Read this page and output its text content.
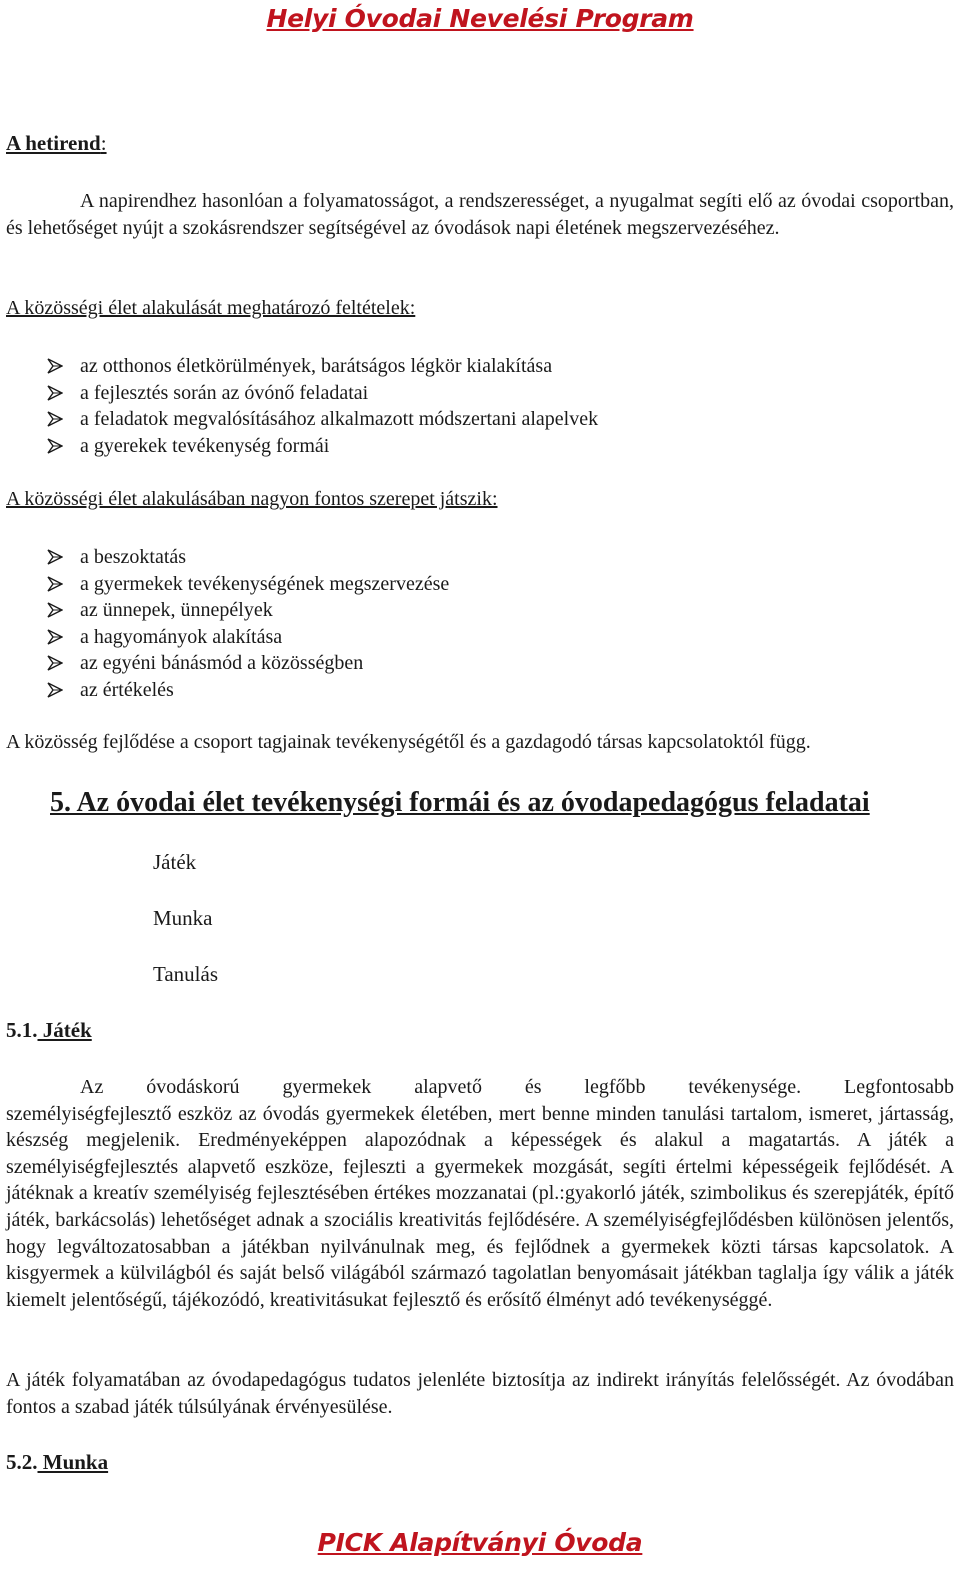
Helyi Óvodai Nevelési Program
A hetirend:
A napirendhez hasonlóan a folyamatosságot, a rendszerességet, a nyugalmat segíti elő az óvodai csoportban, és lehetőséget nyújt a szokásrendszer segítségével az óvodások napi életének megszervezéséhez.
A közösségi élet alakulását meghatározó feltételek:
az otthonos életkörülmények, barátságos légkör kialakítása
a fejlesztés során az óvónő feladatai
a feladatok megvalósításához alkalmazott módszertani alapelvek
a gyerekek tevékenység formái
A közösségi élet alakulásában nagyon fontos szerepet játszik:
a beszoktatás
a gyermekek tevékenységének megszervezése
az ünnepek, ünnepélyek
a hagyományok alakítása
az egyéni bánásmód a közösségben
az értékelés
A közösség fejlődése a csoport tagjainak tevékenységétől és a gazdagodó társas kapcsolatoktól függ.
5. Az óvodai élet tevékenységi formái és az óvodapedagógus feladatai
Játék
Munka
Tanulás
5.1. Játék
Az óvodáskorú gyermekek alapvető és legfőbb tevékenysége. Legfontosabb
személyiségfejlesztő eszköz az óvodás gyermekek életében, mert benne minden tanulási tartalom, ismeret, jártasság, készség megjelenik. Eredményeképpen alapozódnak a képességek és alakul a magatartás. A játék a személyiségfejlesztés alapvető eszköze, fejleszti a gyermekek mozgását, segíti értelmi képességeik fejlődését. A játéknak a kreatív személyiség fejlesztésében értékes mozzanatai (pl.:gyakorló játék, szimbolikus és szerepjáték, építő játék, barkácsolás) lehetőséget adnak a szociális kreativitás fejlődésére. A személyiségfejlődésben különösen jelentős, hogy legváltozatosabban a játékban nyilvánulnak meg, és fejlődnek a gyermekek közti társas kapcsolatok. A kisgyermek a külvilágból és saját belső világából származó tagolatlan benyomásait játékban taglalja így válik a játék kiemelt jelentőségű, tájékozódó, kreativitásukat fejlesztő és erősítő élményt adó tevékenységgé.
A játék folyamatában az óvodapedagógus tudatos jelenléte biztosítja az indirekt irányítás felelősségét. Az óvodában fontos a szabad játék túlsúlyának érvényesülése.
5.2. Munka
PICK Alapítványi Óvoda
